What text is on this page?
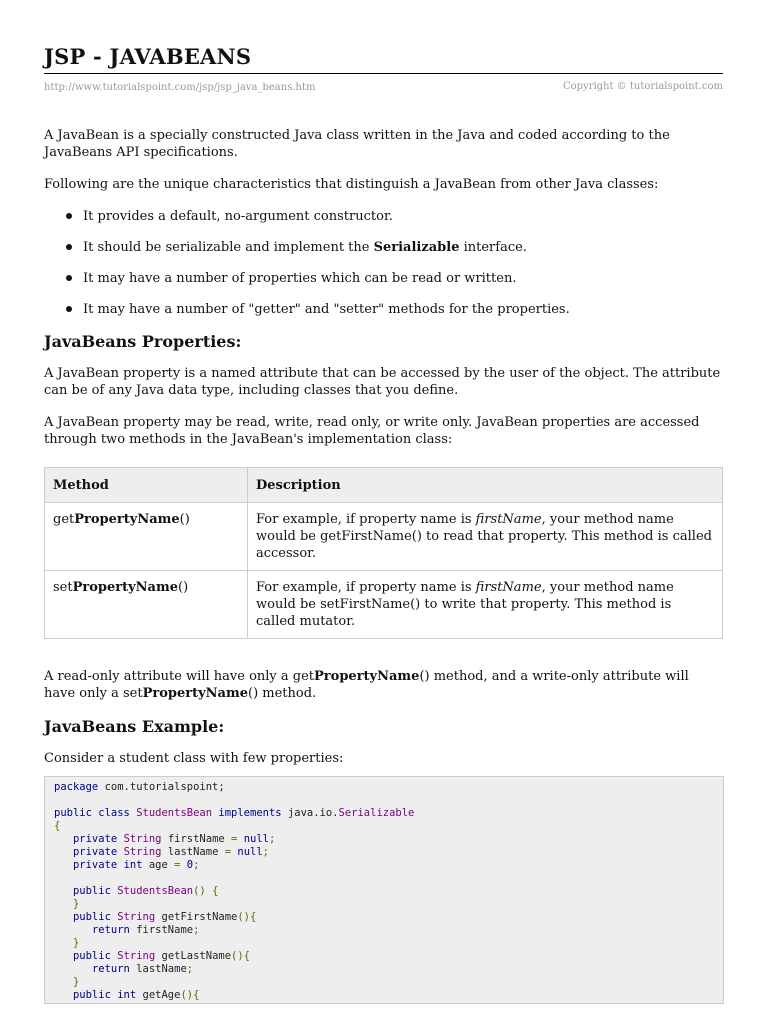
JSP - JAVABEANS
http://www.tutorialspoint.com/jsp/jsp_java_beans.htm	Copyright © tutorialspoint.com

A JavaBean is a specially constructed Java class written in the Java and coded according to the JavaBeans API specifications.

Following are the unique characteristics that distinguish a JavaBean from other Java classes:

It provides a default, no-argument constructor.
It should be serializable and implement the Serializable interface.
It may have a number of properties which can be read or written.
It may have a number of "getter" and "setter" methods for the properties.
JavaBeans Properties:

A JavaBean property is a named attribute that can be accessed by the user of the object. The attribute can be of any Java data type, including classes that you define.

A JavaBean property may be read, write, read only, or write only. JavaBean properties are accessed through two methods in the JavaBean's implementation class:

Method	Description
getPropertyName()	For example, if property name is firstName, your method name would be getFirstName() to read that property. This method is called accessor.
setPropertyName()	For example, if property name is firstName, your method name would be setFirstName() to write that property. This method is called mutator.

A read-only attribute will have only a getPropertyName() method, and a write-only attribute will have only a setPropertyName() method.

JavaBeans Example:

Consider a student class with few properties:

package com.tutorialspoint;

public class StudentsBean implements java.io.Serializable
{
private String firstName = null;
private String lastName = null;
private int age = 0;

public StudentsBean() {
}
public String getFirstName(){
return firstName;
}
public String getLastName(){
return lastName;
}
public int getAge(){
